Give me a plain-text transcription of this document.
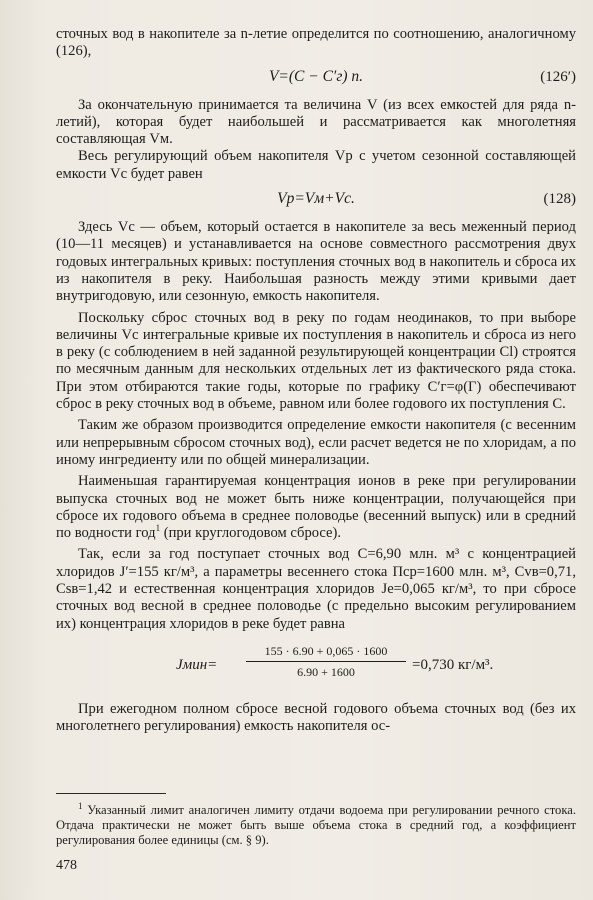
сточных вод в накопителе за n-летие определится по соотношению, аналогичному (126),

V=(C − C′г) n.	(126′)

За окончательную принимается та величина V (из всех емкостей для ряда n-летий), которая будет наибольшей и рассматривается как многолетняя составляющая Vм.

Весь регулирующий объем накопителя Vр с учетом сезонной составляющей емкости Vс будет равен

Vр=Vм+Vс.	(128)

Здесь Vс — объем, который остается в накопителе за весь меженный период (10—11 месяцев) и устанавливается на основе совместного рассмотрения двух годовых интегральных кривых: поступления сточных вод в накопитель и сброса их из накопителя в реку. Наибольшая разность между этими кривыми дает внутригодовую, или сезонную, емкость накопителя.

Поскольку сброс сточных вод в реку по годам неодинаков, то при выборе величины Vс интегральные кривые их поступления в накопитель и сброса из него в реку (с соблюдением в ней заданной результирующей концентрации Cl) строятся по месячным данным для нескольких отдельных лет из фактического ряда стока. При этом отбираются такие годы, которые по графику C′г=φ(Г) обеспечивают сброс в реку сточных вод в объеме, равном или более годового их поступления C.

Таким же образом производится определение емкости накопителя (с весенним или непрерывным сбросом сточных вод), если расчет ведется не по хлоридам, а по иному ингредиенту или по общей минерализации.

Наименьшая гарантируемая концентрация ионов в реке при регулировании выпуска сточных вод не может быть ниже концентрации, получающейся при сбросе их годового объема в среднее половодье (весенний выпуск) или в средний по водности год$^1$ (при круглогодовом сбросе).

Так, если за год поступает сточных вод C=6,90 млн. м³ с концентрацией хлоридов J′=155 кг/м³, а параметры весеннего стока Пср=1600 млн. м³, Cvв=0,71, Csв=1,42 и естественная концентрация хлоридов Jе=0,065 кг/м³, то при сбросе сточных вод весной в среднее половодье (с предельно высоким регулированием их) концентрация хлоридов в реке будет равна

Jмин=
155 · 6.90 + 0,065 · 1600
6.90 + 1600	=0,730 кг/м³.

При ежегодном полном сбросе весной годового объема сточных вод (без их многолетнего регулирования) емкость накопителя ос-

$^1$ Указанный лимит аналогичен лимиту отдачи водоема при регулировании речного стока. Отдача практически не может быть выше объема стока в средний год, а коэффициент регулирования более единицы (см. § 9).

478
